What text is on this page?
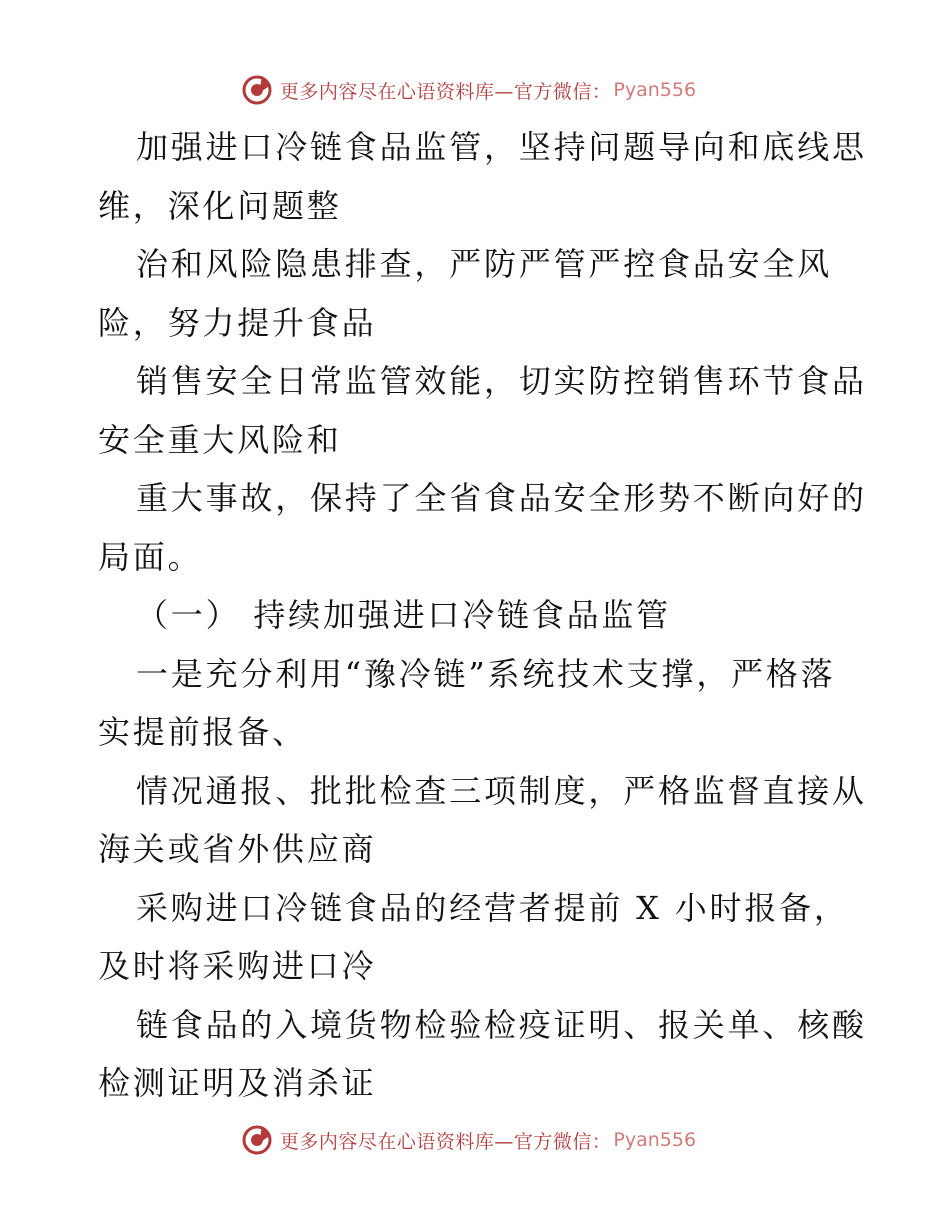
更多内容尽在心语资料库—官方微信： Pyan556
加强进口冷链食品监管，坚持问题导向和底线思
维，深化问题整
治和风险隐患排查，严防严管严控食品安全风
险，努力提升食品
销售安全日常监管效能，切实防控销售环节食品
安全重大风险和
重大事故，保持了全省食品安全形势不断向好的
局面。
（一） 持续加强进口冷链食品监管
一是充分利用“豫冷链”系统技术支撑，严格落
实提前报备、
情况通报、批批检查三项制度，严格监督直接从
海关或省外供应商
采购进口冷链食品的经营者提前 X 小时报备，
及时将采购进口冷
链食品的入境货物检验检疫证明、报关单、核酸
检测证明及消杀证
更多内容尽在心语资料库—官方微信： Pyan556
